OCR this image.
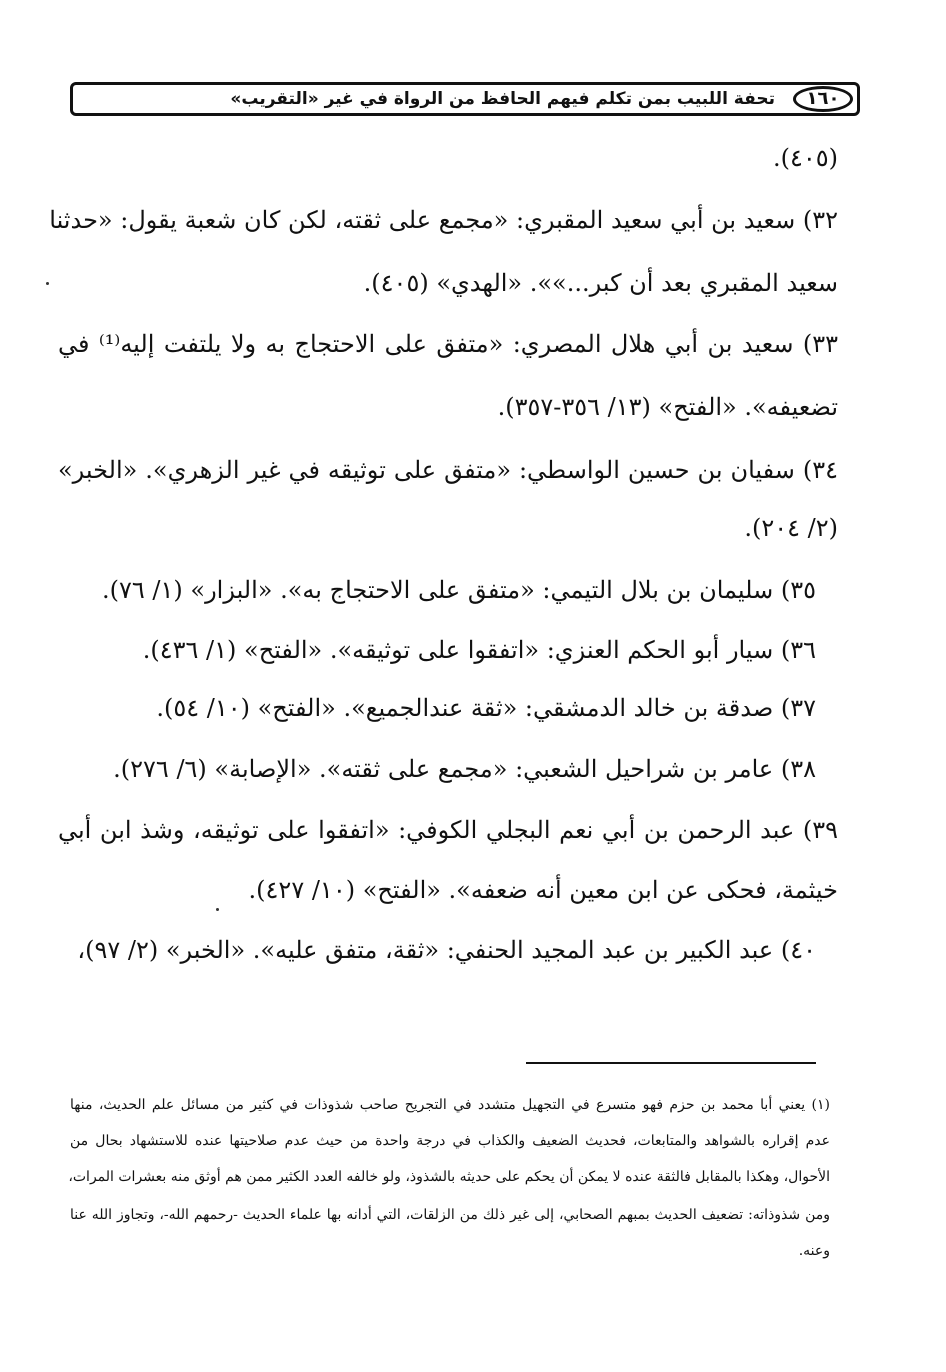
١٦٠
تحفة اللبيب بمن تكلم فيهم الحافظ من الرواة في غير «التقريب»
(٤٠٥).
٣٢) سعيد بن أبي سعيد المقبري: «مجمع على ثقته، لكن كان شعبة يقول: «حدثنا
سعيد المقبري بعد أن كبر...»». «الهدي» (٤٠٥).
٣٣) سعيد بن أبي هلال المصري: «متفق على الاحتجاج به ولا يلتفت إليه⁽¹⁾ في
تضعيفه». «الفتح» (١٣/ ٣٥٦-٣٥٧).
٣٤) سفيان بن حسين الواسطي: «متفق على توثيقه في غير الزهري». «الخبر»
(٢/ ٢٠٤).
٣٥) سليمان بن بلال التيمي: «متفق على الاحتجاج به». «البزار» (١/ ٧٦).
٣٦) سيار أبو الحكم العنزي: «اتفقوا على توثيقه». «الفتح» (١/ ٤٣٦).
٣٧) صدقة بن خالد الدمشقي: «ثقة عندالجميع». «الفتح» (١٠/ ٥٤).
٣٨) عامر بن شراحيل الشعبي: «مجمع على ثقته». «الإصابة» (٦/ ٢٧٦).
٣٩) عبد الرحمن بن أبي نعم البجلي الكوفي: «اتفقوا على توثيقه، وشذ ابن أبي
خيثمة، فحكى عن ابن معين أنه ضعفه». «الفتح» (١٠/ ٤٢٧).
٤٠) عبد الكبير بن عبد المجيد الحنفي: «ثقة، متفق عليه». «الخبر» (٢/ ٩٧)،
(١) يعني أبا محمد بن حزم فهو متسرع في التجهيل متشدد في التجريح صاحب شذوذات في كثير من مسائل علم الحديث، منها
عدم إقراره بالشواهد والمتابعات، فحديث الضعيف والكذاب في درجة واحدة من حيث عدم صلاحيتها عنده للاستشهاد بحال من
الأحوال، وهكذا بالمقابل فالثقة عنده لا يمكن أن يحكم على حديثه بالشذوذ، ولو خالفه العدد الكثير ممن هم أوثق منه بعشرات المرات،
ومن شذوذاته: تضعيف الحديث بمبهم الصحابي، إلى غير ذلك من الزلقات، التي أدانه بها علماء الحديث -رحمهم الله-، وتجاوز الله عنا
وعنه.
